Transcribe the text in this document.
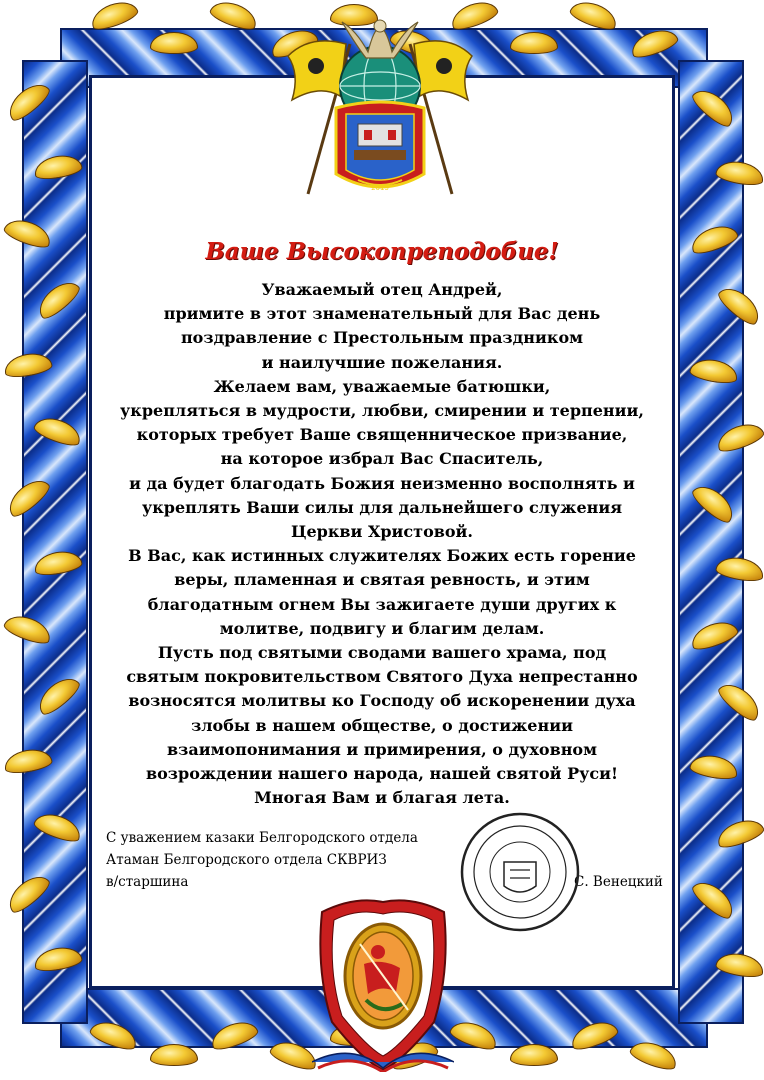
2015
Ваше Высокопреподобие!

Уважаемый отец Андрей,
примите в этот знаменательный для Вас день
поздравление с Престольным праздником
и наилучшие пожелания.
Желаем вам, уважаемые батюшки,
укрепляться в мудрости, любви, смирении и терпении,
которых требует Ваше священническое призвание,
на которое избрал Вас Спаситель,
и да будет благодать Божия неизменно восполнять и
укреплять Ваши силы для дальнейшего служения
Церкви Христовой.
В Вас, как истинных служителях Божих есть горение
веры, пламенная и святая ревность, и этим
благодатным огнем Вы зажигаете души других к
молитве, подвигу и благим делам.
Пусть под святыми сводами вашего храма, под
святым покровительством Святого Духа непрестанно
возносятся молитвы ко Господу об искоренении духа
злобы в нашем обществе, о достижении
взаимопонимания и примирения, о духовном
возрождении нашего народа, нашей святой Руси!
Многая Вам и благая лета.

С уважением казаки Белгородского отдела
Атаман Белгородского отдела СКВРИЗ
в/старшина	С. Венецкий
